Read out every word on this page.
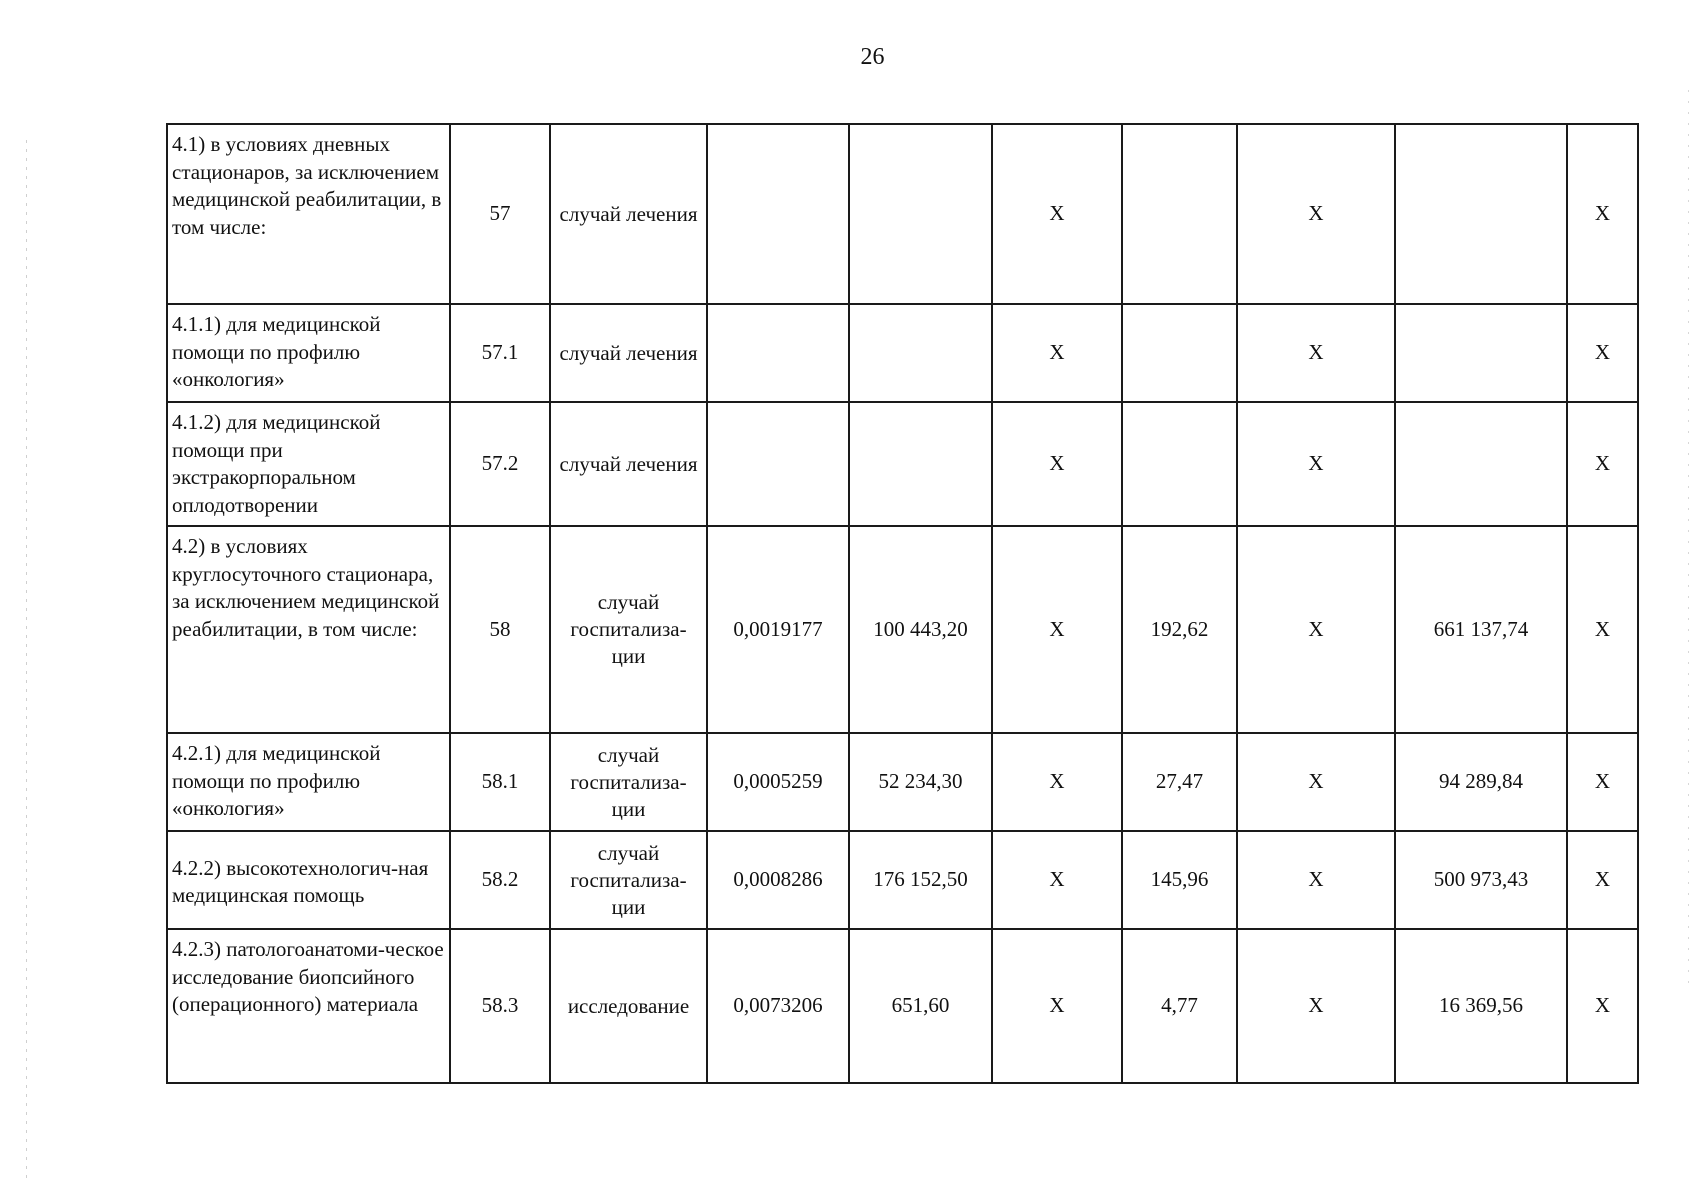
26
4.1) в условиях дневных стационаров, за исключением медицинской реабилитации, в том числе:	57	случай лечения			X		X		X
4.1.1) для медицинской помощи по профилю «онкология»	57.1	случай лечения			X		X		X
4.1.2) для медицинской помощи при экстракорпоральном оплодотворении	57.2	случай лечения			X		X		X
4.2) в условиях круглосуточного стационара, за исключением медицинской реабилитации, в том числе:	58	случай госпитализа-ции	0,0019177	100 443,20	X	192,62	X	661 137,74	X
4.2.1) для медицинской помощи по профилю «онкология»	58.1	случай госпитализа-ции	0,0005259	52 234,30	X	27,47	X	94 289,84	X
4.2.2) высокотехнологич-ная медицинская помощь	58.2	случай госпитализа-ции	0,0008286	176 152,50	X	145,96	X	500 973,43	X
4.2.3) патологоанатоми-ческое исследование биопсийного (операционного) материала	58.3	исследование	0,0073206	651,60	X	4,77	X	16 369,56	X
